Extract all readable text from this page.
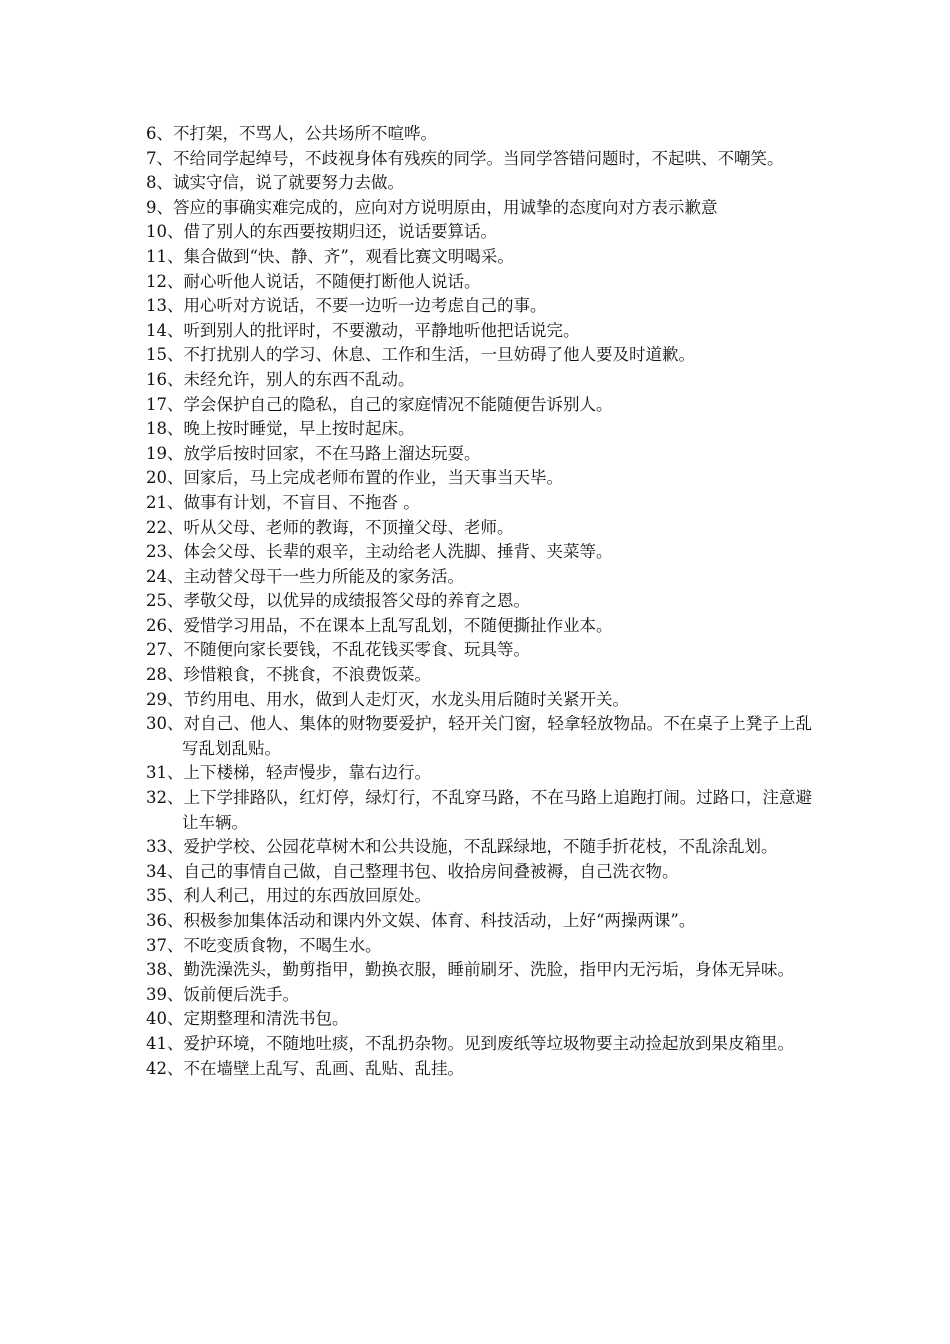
6、不打架，不骂人，公共场所不喧哗。
7、不给同学起绰号，不歧视身体有残疾的同学。当同学答错问题时，不起哄、不嘲笑。
8、诚实守信，说了就要努力去做。
9、答应的事确实难完成的，应向对方说明原由，用诚挚的态度向对方表示歉意
10、借了别人的东西要按期归还，说话要算话。
11、集合做到“快、静、齐”，观看比赛文明喝采。
12、耐心听他人说话，不随便打断他人说话。
13、用心听对方说话，不要一边听一边考虑自己的事。
14、听到别人的批评时，不要激动，平静地听他把话说完。
15、不打扰别人的学习、休息、工作和生活，一旦妨碍了他人要及时道歉。
16、未经允许，别人的东西不乱动。
17、学会保护自己的隐私，自己的家庭情况不能随便告诉别人。
18、晚上按时睡觉，早上按时起床。
19、放学后按时回家，不在马路上溜达玩耍。
20、回家后，马上完成老师布置的作业，当天事当天毕。
21、做事有计划，不盲目、不拖沓 。
22、听从父母、老师的教诲，不顶撞父母、老师。
23、体会父母、长辈的艰辛，主动给老人洗脚、捶背、夹菜等。
24、主动替父母干一些力所能及的家务活。
25、孝敬父母，以优异的成绩报答父母的养育之恩。
26、爱惜学习用品，不在课本上乱写乱划，不随便撕扯作业本。
27、不随便向家长要钱，不乱花钱买零食、玩具等。
28、珍惜粮食，不挑食，不浪费饭菜。
29、节约用电、用水，做到人走灯灭，水龙头用后随时关紧开关。
30、对自己、他人、集体的财物要爱护，轻开关门窗，轻拿轻放物品。不在桌子上凳子上乱写乱划乱贴。
31、上下楼梯，轻声慢步，靠右边行。
32、上下学排路队，红灯停，绿灯行，不乱穿马路，不在马路上追跑打闹。过路口，注意避让车辆。
33、爱护学校、公园花草树木和公共设施，不乱踩绿地，不随手折花枝，不乱涂乱划。
34、自己的事情自己做，自己整理书包、收拾房间叠被褥，自己洗衣物。
35、利人利己，用过的东西放回原处。
36、积极参加集体活动和课内外文娱、体育、科技活动，上好“两操两课”。
37、不吃变质食物，不喝生水。
38、勤洗澡洗头，勤剪指甲，勤换衣服，睡前刷牙、洗脸，指甲内无污垢，身体无异味。
39、饭前便后洗手。
40、定期整理和清洗书包。
41、爱护环境，不随地吐痰，不乱扔杂物。见到废纸等垃圾物要主动捡起放到果皮箱里。
42、不在墙壁上乱写、乱画、乱贴、乱挂。
